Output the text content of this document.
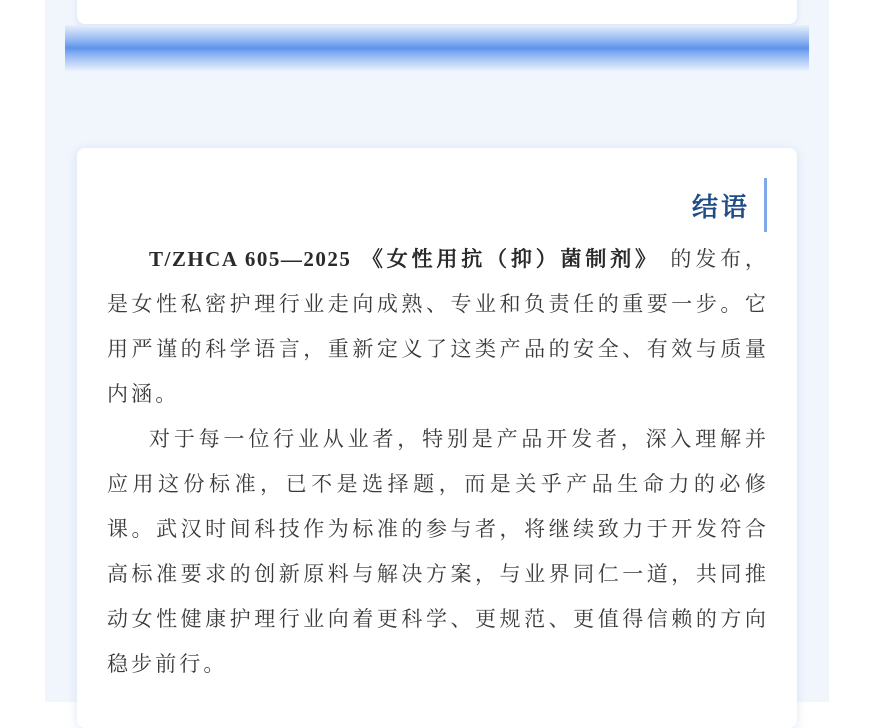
结语

T/ZHCA 605—2025 《女性用抗（抑）菌制剂》 的发布，是女性私密护理行业走向成熟、专业和负责任的重要一步。它用严谨的科学语言，重新定义了这类产品的安全、有效与质量内涵。

对于每一位行业从业者，特别是产品开发者，深入理解并应用这份标准，已不是选择题，而是关乎产品生命力的必修课。武汉时间科技作为标准的参与者，将继续致力于开发符合高标准要求的创新原料与解决方案，与业界同仁一道，共同推动女性健康护理行业向着更科学、更规范、更值得信赖的方向稳步前行。
